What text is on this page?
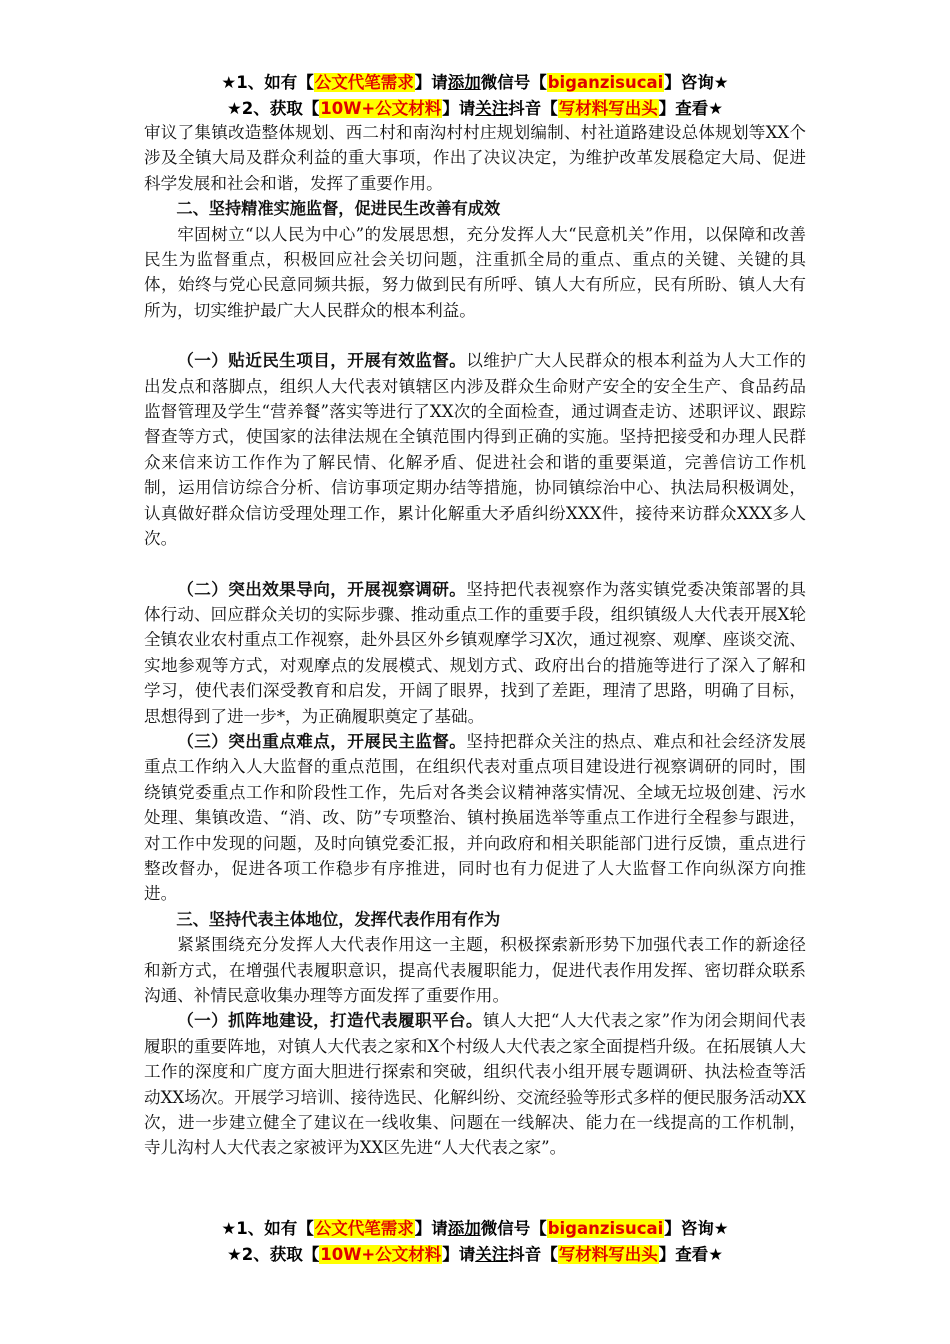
★1、如有【公文代笔需求】请添加微信号【biganzisucai】咨询★
★2、获取【10W+公文材料】请关注抖音【写材料写出头】查看★

审议了集镇改造整体规划、西二村和南沟村村庄规划编制、村社道路建设总体规划等XX个涉及全镇大局及群众利益的重大事项，作出了决议决定，为维护改革发展稳定大局、促进科学发展和社会和谐，发挥了重要作用。

二、坚持精准实施监督，促进民生改善有成效

牢固树立“以人民为中心”的发展思想，充分发挥人大“民意机关”作用，以保障和改善民生为监督重点，积极回应社会关切问题，注重抓全局的重点、重点的关键、关键的具体，始终与党心民意同频共振，努力做到民有所呼、镇人大有所应，民有所盼、镇人大有所为，切实维护最广大人民群众的根本利益。

（一）贴近民生项目，开展有效监督。以维护广大人民群众的根本利益为人大工作的出发点和落脚点，组织人大代表对镇辖区内涉及群众生命财产安全的安全生产、食品药品监督管理及学生“营养餐”落实等进行了XX次的全面检查，通过调查走访、述职评议、跟踪督查等方式，使国家的法律法规在全镇范围内得到正确的实施。坚持把接受和办理人民群众来信来访工作作为了解民情、化解矛盾、促进社会和谐的重要渠道，完善信访工作机制，运用信访综合分析、信访事项定期办结等措施，协同镇综治中心、执法局积极调处，认真做好群众信访受理处理工作，累计化解重大矛盾纠纷XXX件，接待来访群众XXX多人次。

（二）突出效果导向，开展视察调研。坚持把代表视察作为落实镇党委决策部署的具体行动、回应群众关切的实际步骤、推动重点工作的重要手段，组织镇级人大代表开展X轮全镇农业农村重点工作视察，赴外县区外乡镇观摩学习X次，通过视察、观摩、座谈交流、实地参观等方式，对观摩点的发展模式、规划方式、政府出台的措施等进行了深入了解和学习，使代表们深受教育和启发，开阔了眼界，找到了差距，理清了思路，明确了目标，思想得到了进一步*，为正确履职奠定了基础。

（三）突出重点难点，开展民主监督。坚持把群众关注的热点、难点和社会经济发展重点工作纳入人大监督的重点范围，在组织代表对重点项目建设进行视察调研的同时，围绕镇党委重点工作和阶段性工作，先后对各类会议精神落实情况、全域无垃圾创建、污水处理、集镇改造、“消、改、防”专项整治、镇村换届选举等重点工作进行全程参与跟进，对工作中发现的问题，及时向镇党委汇报，并向政府和相关职能部门进行反馈，重点进行整改督办，促进各项工作稳步有序推进，同时也有力促进了人大监督工作向纵深方向推进。

三、坚持代表主体地位，发挥代表作用有作为

紧紧围绕充分发挥人大代表作用这一主题，积极探索新形势下加强代表工作的新途径和新方式，在增强代表履职意识，提高代表履职能力，促进代表作用发挥、密切群众联系沟通、补情民意收集办理等方面发挥了重要作用。

（一）抓阵地建设，打造代表履职平台。镇人大把“人大代表之家”作为闭会期间代表履职的重要阵地，对镇人大代表之家和X个村级人大代表之家全面提档升级。在拓展镇人大工作的深度和广度方面大胆进行探索和突破，组织代表小组开展专题调研、执法检查等活动XX场次。开展学习培训、接待选民、化解纠纷、交流经验等形式多样的便民服务活动XX次，进一步建立健全了建议在一线收集、问题在一线解决、能力在一线提高的工作机制，寺儿沟村人大代表之家被评为XX区先进“人大代表之家”。

★1、如有【公文代笔需求】请添加微信号【biganzisucai】咨询★
★2、获取【10W+公文材料】请关注抖音【写材料写出头】查看★
